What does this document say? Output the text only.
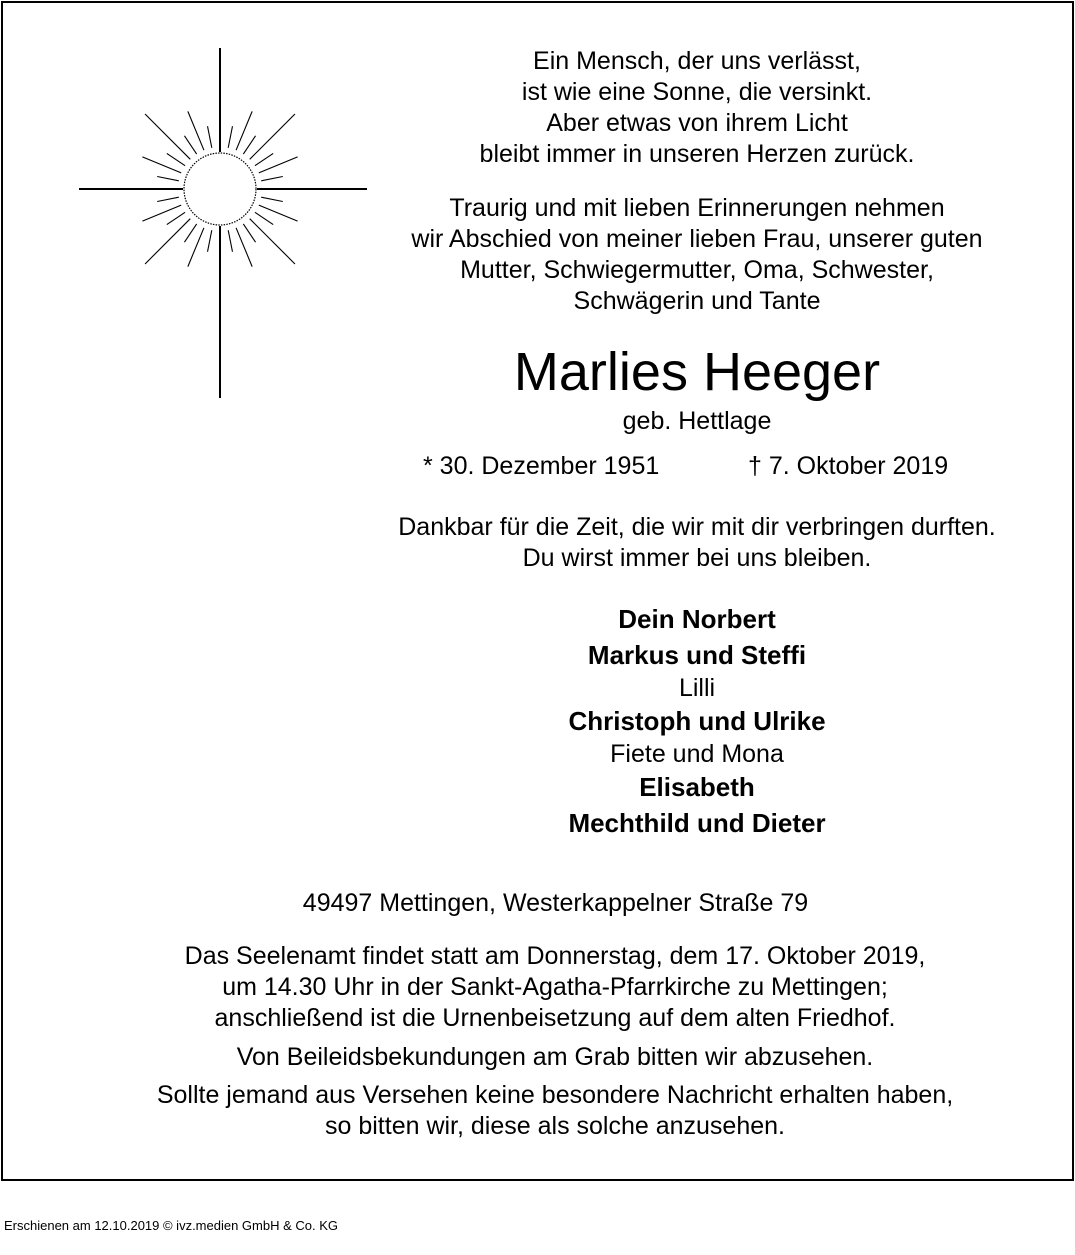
Ein Mensch, der uns verlässt,
ist wie eine Sonne, die versinkt.
Aber etwas von ihrem Licht
bleibt immer in unseren Herzen zurück.

Traurig und mit lieben Erinnerungen nehmen
wir Abschied von meiner lieben Frau, unserer guten
Mutter, Schwiegermutter, Oma, Schwester,
Schwägerin und Tante

Marlies Heeger

geb. Hettlage

* 30. Dezember 1951	† 7. Oktober 2019

Dankbar für die Zeit, die wir mit dir verbringen durften.
Du wirst immer bei uns bleiben.

Dein Norbert
Markus und Steffi
Lilli
Christoph und Ulrike
Fiete und Mona
Elisabeth
Mechthild und Dieter

49497 Mettingen, Westerkappelner Straße 79

Das Seelenamt findet statt am Donnerstag, dem 17. Oktober 2019,
um 14.30 Uhr in der Sankt-Agatha-Pfarrkirche zu Mettingen;
anschließend ist die Urnenbeisetzung auf dem alten Friedhof.

Von Beileidsbekundungen am Grab bitten wir abzusehen.

Sollte jemand aus Versehen keine besondere Nachricht erhalten haben,
so bitten wir, diese als solche anzusehen.

Erschienen am 12.10.2019 © ivz.medien GmbH & Co. KG
